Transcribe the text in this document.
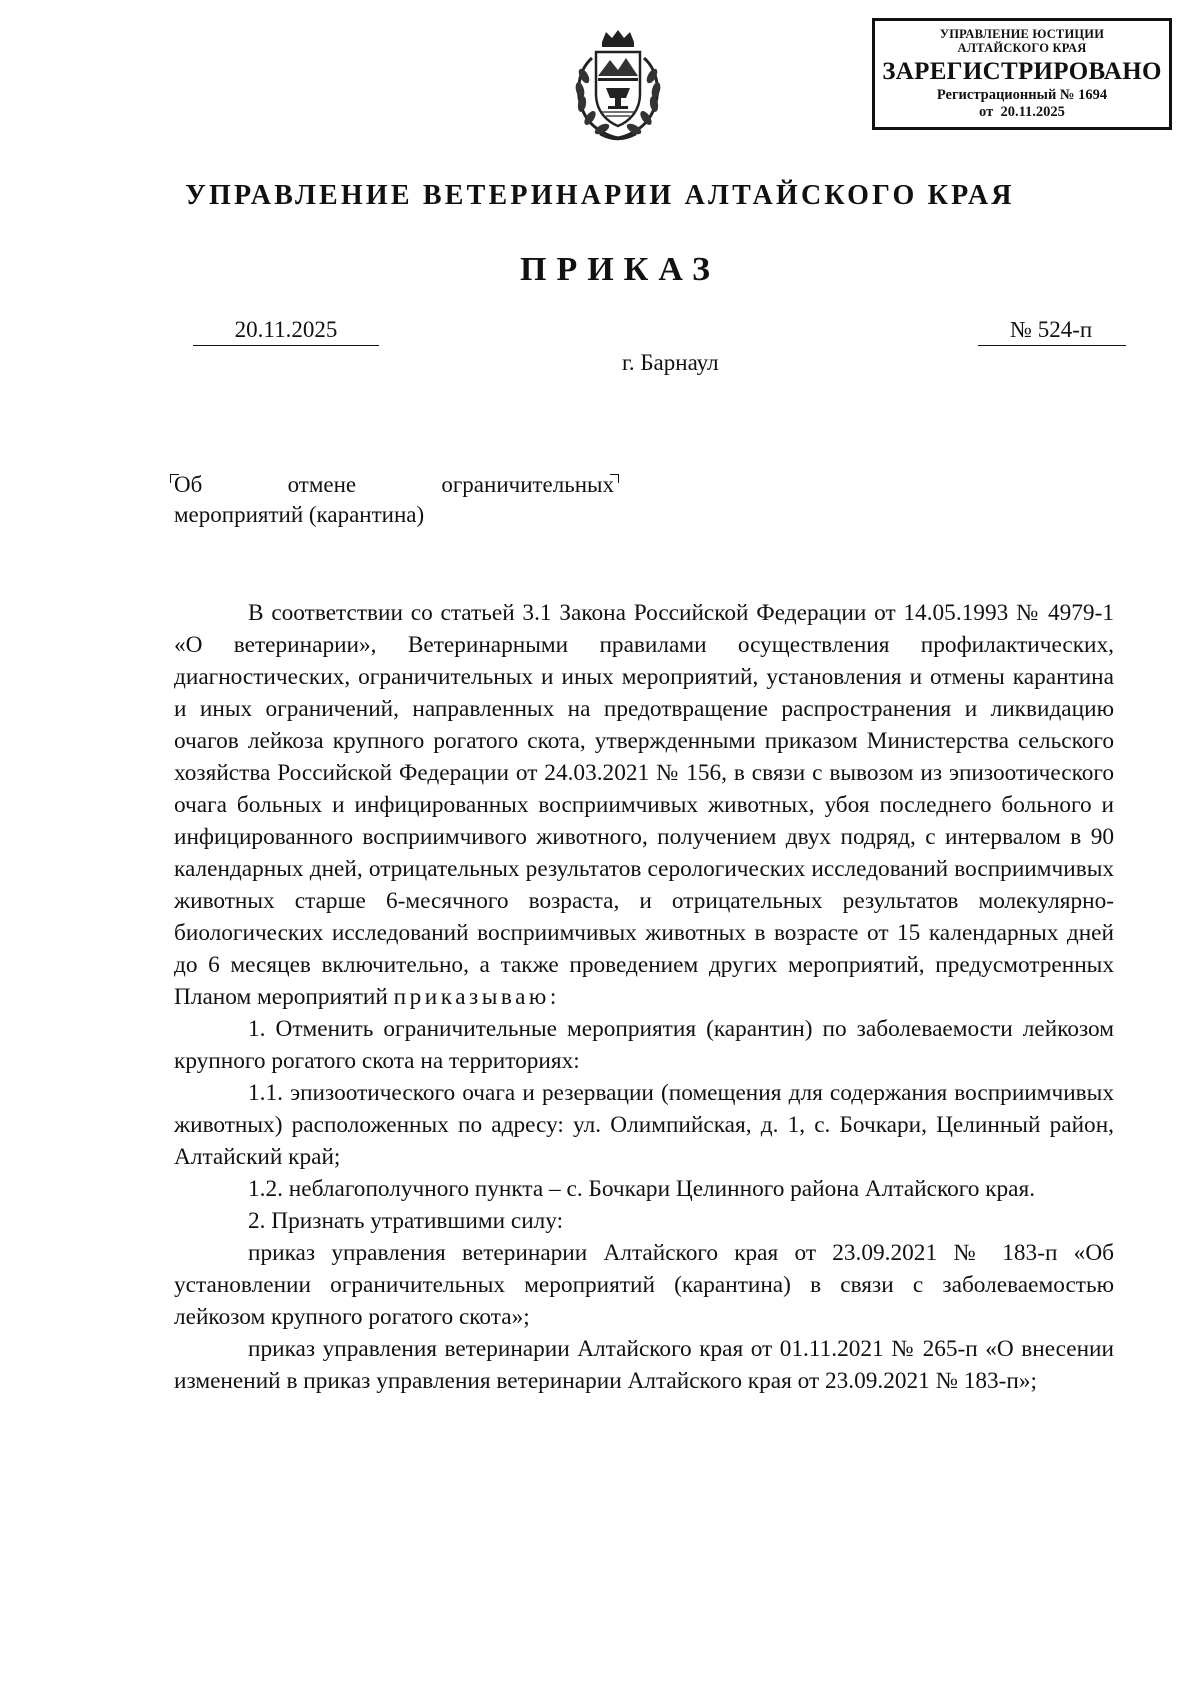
УПРАВЛЕНИЕ ЮСТИЦИИ
АЛТАЙСКОГО КРАЯ
ЗАРЕГИСТРИРОВАНО
Регистрационный № 1694
от  20.11.2025
УПРАВЛЕНИЕ ВЕТЕРИНАРИИ АЛТАЙСКОГО КРАЯ
ПРИКАЗ
20.11.2025	№ 524-п
г. Барнаул
Об	отмене	ограничительных
мероприятий (карантина)

В соответствии со статьей 3.1 Закона Российской Федерации от 14.05.1993 № 4979-1 «О ветеринарии», Ветеринарными правилами осуществления профилактических, диагностических, ограничительных и иных мероприятий, установления и отмены карантина и иных ограничений, направленных на предотвращение распространения и ликвидацию очагов лейкоза крупного рогатого скота, утвержденными приказом Министерства сельского хозяйства Российской Федерации от 24.03.2021 № 156, в связи с вывозом из эпизоотического очага больных и инфицированных восприимчивых животных, убоя последнего больного и инфицированного восприимчивого животного, получением двух подряд, с интервалом в 90 календарных дней, отрицательных результатов серологических исследований восприимчивых животных старше 6-месячного возраста, и отрицательных результатов молекулярно-биологических исследований восприимчивых животных в возрасте от 15 календарных дней до 6 месяцев включительно, а также проведением других мероприятий, предусмотренных Планом мероприятий приказываю:

1. Отменить ограничительные мероприятия (карантин) по заболеваемости лейкозом крупного рогатого скота на территориях:

1.1. эпизоотического очага и резервации (помещения для содержания восприимчивых животных) расположенных по адресу: ул. Олимпийская, д. 1, с. Бочкари, Целинный район, Алтайский край;

1.2. неблагополучного пункта – с. Бочкари Целинного района Алтайского края.

2. Признать утратившими силу:

приказ управления ветеринарии Алтайского края от 23.09.2021 № 183-п «Об установлении ограничительных мероприятий (карантина) в связи с заболеваемостью лейкозом крупного рогатого скота»;

приказ управления ветеринарии Алтайского края от 01.11.2021 № 265-п «О внесении изменений в приказ управления ветеринарии Алтайского края от 23.09.2021 № 183-п»;
